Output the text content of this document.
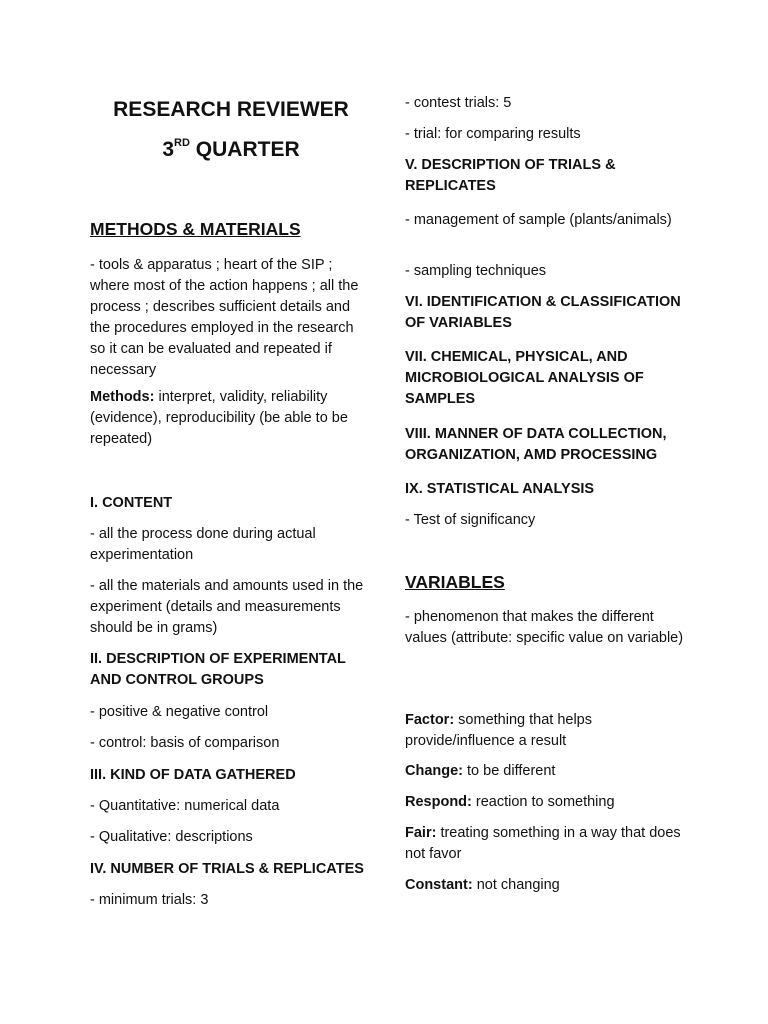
RESEARCH REVIEWER

3RD QUARTER

METHODS & MATERIALS

- tools & apparatus ; heart of the SIP ; where most of the action happens ; all the process ; describes sufficient details and the procedures employed in the research so it can be evaluated and repeated if necessary

Methods: interpret, validity, reliability (evidence), reproducibility (be able to be repeated)

I. CONTENT

- all the process done during actual experimentation

- all the materials and amounts used in the experiment (details and measurements should be in grams)

II. DESCRIPTION OF EXPERIMENTAL AND CONTROL GROUPS

- positive & negative control

- control: basis of comparison

III. KIND OF DATA GATHERED

- Quantitative: numerical data

- Qualitative: descriptions

IV. NUMBER OF TRIALS & REPLICATES

- minimum trials: 3

- contest trials: 5

- trial: for comparing results

V. DESCRIPTION OF TRIALS & REPLICATES

- management of sample (plants/animals)

- sampling techniques

VI. IDENTIFICATION & CLASSIFICATION OF VARIABLES

VII. CHEMICAL, PHYSICAL, AND MICROBIOLOGICAL ANALYSIS OF SAMPLES

VIII. MANNER OF DATA COLLECTION, ORGANIZATION, AMD PROCESSING

IX. STATISTICAL ANALYSIS

- Test of significancy

VARIABLES

- phenomenon that makes the different values (attribute: specific value on variable)

Factor: something that helps provide/influence a result

Change: to be different

Respond: reaction to something

Fair: treating something in a way that does not favor

Constant: not changing
